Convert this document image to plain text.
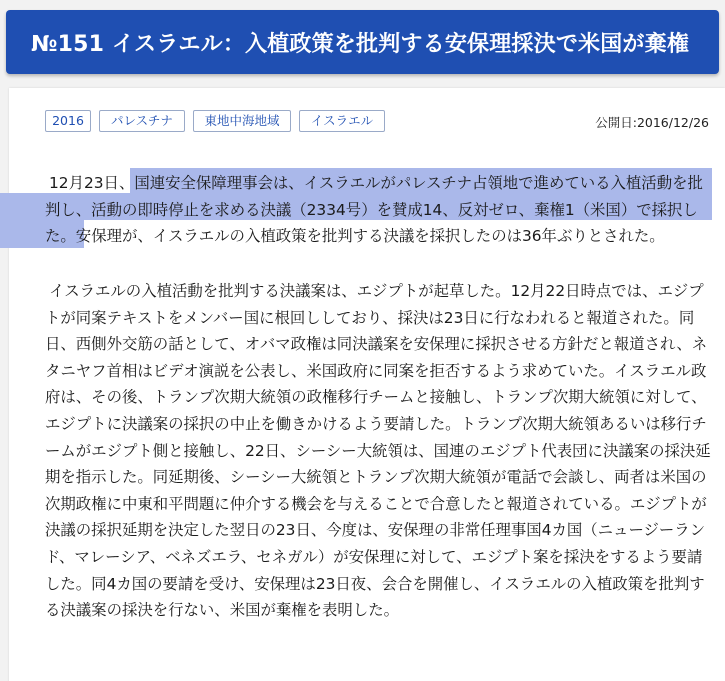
№151 イスラエル：入植政策を批判する安保理採決で米国が棄権
2016	パレスチナ	東地中海地域	イスラエル	公開日:2016/12/26

12月23日、国連安全保障理事会は、イスラエルがパレスチナ占領地で進めている入植活動を批判し、活動の即時停止を求める決議（2334号）を賛成14、反対ゼロ、棄権1（米国）で採択した。安保理が、イスラエルの入植政策を批判する決議を採択したのは36年ぶりとされた。

イスラエルの入植活動を批判する決議案は、エジプトが起草した。12月22日時点では、エジプトが同案テキストをメンバー国に根回ししており、採決は23日に行なわれると報道された。同日、西側外交筋の話として、オバマ政権は同決議案を安保理に採択させる方針だと報道され、ネタニヤフ首相はビデオ演説を公表し、米国政府に同案を拒否するよう求めていた。イスラエル政府は、その後、トランプ次期大統領の政権移行チームと接触し、トランプ次期大統領に対して、エジプトに決議案の採択の中止を働きかけるよう要請した。トランプ次期大統領あるいは移行チームがエジプト側と接触し、22日、シーシー大統領は、国連のエジプト代表団に決議案の採決延期を指示した。同延期後、シーシー大統領とトランプ次期大統領が電話で会談し、両者は米国の次期政権に中東和平問題に仲介する機会を与えることで合意したと報道されている。エジプトが決議の採択延期を決定した翌日の23日、今度は、安保理の非常任理事国4カ国（ニュージーランド、マレーシア、ベネズエラ、セネガル）が安保理に対して、エジプト案を採決をするよう要請した。同4カ国の要請を受け、安保理は23日夜、会合を開催し、イスラエルの入植政策を批判する決議案の採決を行ない、米国が棄権を表明した。
